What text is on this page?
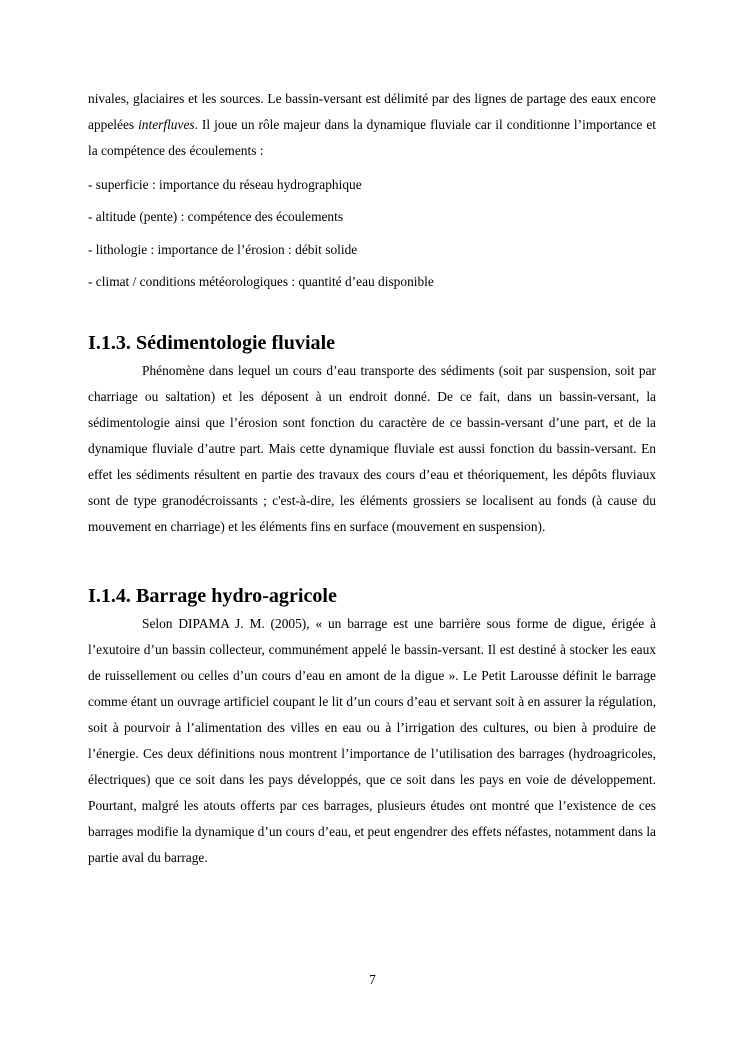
nivales, glaciaires et les sources. Le bassin-versant est délimité par des lignes de partage des eaux encore appelées interfluves. Il joue un rôle majeur dans la dynamique fluviale car il conditionne l’importance et la compétence des écoulements :

- superficie : importance du réseau hydrographique
- altitude (pente) : compétence des écoulements
- lithologie : importance de l’érosion : débit solide
- climat / conditions météorologiques : quantité d’eau disponible
I.1.3. Sédimentologie fluviale

Phénomène dans lequel un cours d’eau transporte des sédiments (soit par suspension, soit par charriage ou saltation) et les déposent à un endroit donné. De ce fait, dans un bassin-versant, la sédimentologie ainsi que l’érosion sont fonction du caractère de ce bassin-versant d’une part, et de la dynamique fluviale d’autre part. Mais cette dynamique fluviale est aussi fonction du bassin-versant. En effet les sédiments résultent en partie des travaux des cours d’eau et théoriquement, les dépôts fluviaux sont de type granodécroissants ; c'est-à-dire, les éléments grossiers se localisent au fonds (à cause du mouvement en charriage) et les éléments fins en surface (mouvement en suspension).

I.1.4. Barrage hydro-agricole

Selon DIPAMA J. M. (2005), « un barrage est une barrière sous forme de digue, érigée à l’exutoire d’un bassin collecteur, communément appelé le bassin-versant. Il est destiné à stocker les eaux de ruissellement ou celles d’un cours d’eau en amont de la digue ». Le Petit Larousse définit le barrage comme étant un ouvrage artificiel coupant le lit d’un cours d’eau et servant soit à en assurer la régulation, soit à pourvoir à l’alimentation des villes en eau ou à l’irrigation des cultures, ou bien à produire de l’énergie. Ces deux définitions nous montrent l’importance de l’utilisation des barrages (hydroagricoles, électriques) que ce soit dans les pays développés, que ce soit dans les pays en voie de développement. Pourtant, malgré les atouts offerts par ces barrages, plusieurs études ont montré que l’existence de ces barrages modifie la dynamique d’un cours d’eau, et peut engendrer des effets néfastes, notamment dans la partie aval du barrage.

7
